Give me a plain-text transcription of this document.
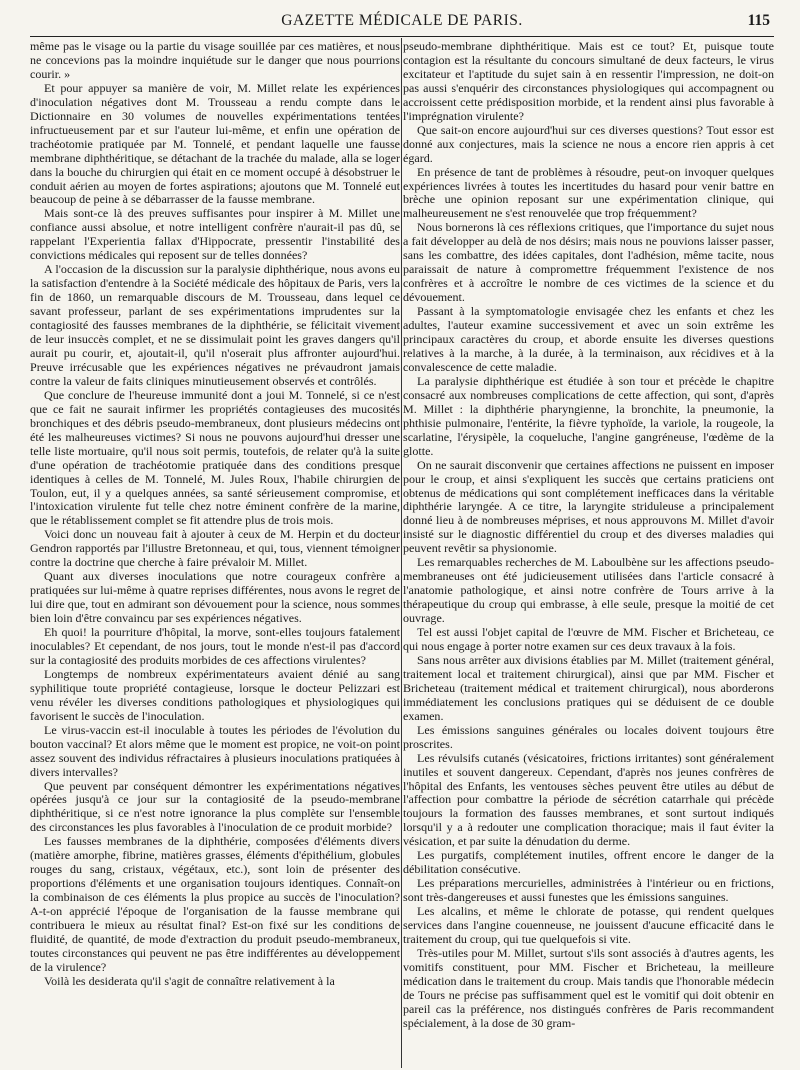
GAZETTE MÉDICALE DE PARIS.	115

même pas le visage ou la partie du visage souillée par ces matières, et nous ne concevions pas la moindre inquiétude sur le danger que nous pourrions courir. »

Et pour appuyer sa manière de voir, M. Millet relate les expériences d'inoculation négatives dont M. Trousseau a rendu compte dans le Dictionnaire en 30 volumes de nouvelles expérimentations tentées infructueusement par et sur l'auteur lui-même, et enfin une opération de trachéotomie pratiquée par M. Tonnelé, et pendant laquelle une fausse membrane diphthéritique, se détachant de la trachée du malade, alla se loger dans la bouche du chirurgien qui était en ce moment occupé à désobstruer le conduit aérien au moyen de fortes aspirations; ajoutons que M. Tonnelé eut beaucoup de peine à se débarrasser de la fausse membrane.

Mais sont-ce là des preuves suffisantes pour inspirer à M. Millet une confiance aussi absolue, et notre intelligent confrère n'aurait-il pas dû, se rappelant l'Experientia fallax d'Hippocrate, pressentir l'instabilité des convictions médicales qui reposent sur de telles données?

A l'occasion de la discussion sur la paralysie diphthérique, nous avons eu la satisfaction d'entendre à la Société médicale des hôpitaux de Paris, vers la fin de 1860, un remarquable discours de M. Trousseau, dans lequel ce savant professeur, parlant de ses expérimentations imprudentes sur la contagiosité des fausses membranes de la diphthérie, se félicitait vivement de leur insuccès complet, et ne se dissimulait point les graves dangers qu'il aurait pu courir, et, ajoutait-il, qu'il n'oserait plus affronter aujourd'hui. Preuve irrécusable que les expériences négatives ne prévaudront jamais contre la valeur de faits cliniques minutieusement observés et contrôlés.

Que conclure de l'heureuse immunité dont a joui M. Tonnelé, si ce n'est que ce fait ne saurait infirmer les propriétés contagieuses des mucosités bronchiques et des débris pseudo-membraneux, dont plusieurs médecins ont été les malheureuses victimes? Si nous ne pouvons aujourd'hui dresser une telle liste mortuaire, qu'il nous soit permis, toutefois, de relater qu'à la suite d'une opération de trachéotomie pratiquée dans des conditions presque identiques à celles de M. Tonnelé, M. Jules Roux, l'habile chirurgien de Toulon, eut, il y a quelques années, sa santé sérieusement compromise, et l'intoxication virulente fut telle chez notre éminent confrère de la marine, que le rétablissement complet se fit attendre plus de trois mois.

Voici donc un nouveau fait à ajouter à ceux de M. Herpin et du docteur Gendron rapportés par l'illustre Bretonneau, et qui, tous, viennent témoigner contre la doctrine que cherche à faire prévaloir M. Millet.

Quant aux diverses inoculations que notre courageux confrère a pratiquées sur lui-même à quatre reprises différentes, nous avons le regret de lui dire que, tout en admirant son dévouement pour la science, nous sommes bien loin d'être convaincu par ses expériences négatives.

Eh quoi! la pourriture d'hôpital, la morve, sont-elles toujours fatalement inoculables? Et cependant, de nos jours, tout le monde n'est-il pas d'accord sur la contagiosité des produits morbides de ces affections virulentes?

Longtemps de nombreux expérimentateurs avaient dénié au sang syphilitique toute propriété contagieuse, lorsque le docteur Pelizzari est venu révéler les diverses conditions pathologiques et physiologiques qui favorisent le succès de l'inoculation.

Le virus-vaccin est-il inoculable à toutes les périodes de l'évolution du bouton vaccinal? Et alors même que le moment est propice, ne voit-on point assez souvent des individus réfractaires à plusieurs inoculations pratiquées à divers intervalles?

Que peuvent par conséquent démontrer les expérimentations négatives opérées jusqu'à ce jour sur la contagiosité de la pseudo-membrane diphthéritique, si ce n'est notre ignorance la plus complète sur l'ensemble des circonstances les plus favorables à l'inoculation de ce produit morbide?

Les fausses membranes de la diphthérie, composées d'éléments divers (matière amorphe, fibrine, matières grasses, éléments d'épithélium, globules rouges du sang, cristaux, végétaux, etc.), sont loin de présenter des proportions d'éléments et une organisation toujours identiques. Connaît-on la combinaison de ces éléments la plus propice au succès de l'inoculation? A-t-on apprécié l'époque de l'organisation de la fausse membrane qui contribuera le mieux au résultat final? Est-on fixé sur les conditions de fluidité, de quantité, de mode d'extraction du produit pseudo-membraneux, toutes circonstances qui peuvent ne pas être indifférentes au développement de la virulence?

Voilà les desiderata qu'il s'agit de connaître relativement à la

pseudo-membrane diphthéritique. Mais est ce tout? Et, puisque toute contagion est la résultante du concours simultané de deux facteurs, le virus excitateur et l'aptitude du sujet sain à en ressentir l'impression, ne doit-on pas aussi s'enquérir des circonstances physiologiques qui accompagnent ou accroissent cette prédisposition morbide, et la rendent ainsi plus favorable à l'imprégnation virulente?

Que sait-on encore aujourd'hui sur ces diverses questions? Tout essor est donné aux conjectures, mais la science ne nous a encore rien appris à cet égard.

En présence de tant de problèmes à résoudre, peut-on invoquer quelques expériences livrées à toutes les incertitudes du hasard pour venir battre en brèche une opinion reposant sur une expérimentation clinique, qui malheureusement ne s'est renouvelée que trop fréquemment?

Nous bornerons là ces réflexions critiques, que l'importance du sujet nous a fait développer au delà de nos désirs; mais nous ne pouvions laisser passer, sans les combattre, des idées capitales, dont l'adhésion, même tacite, nous paraissait de nature à compromettre fréquemment l'existence de nos confrères et à accroître le nombre de ces victimes de la science et du dévouement.

Passant à la symptomatologie envisagée chez les enfants et chez les adultes, l'auteur examine successivement et avec un soin extrême les principaux caractères du croup, et aborde ensuite les diverses questions relatives à la marche, à la durée, à la terminaison, aux récidives et à la convalescence de cette maladie.

La paralysie diphthérique est étudiée à son tour et précède le chapitre consacré aux nombreuses complications de cette affection, qui sont, d'après M. Millet : la diphthérie pharyngienne, la bronchite, la pneumonie, la phthisie pulmonaire, l'entérite, la fièvre typhoïde, la variole, la rougeole, la scarlatine, l'érysipèle, la coqueluche, l'angine gangréneuse, l'œdème de la glotte.

On ne saurait disconvenir que certaines affections ne puissent en imposer pour le croup, et ainsi s'expliquent les succès que certains praticiens ont obtenus de médications qui sont complétement inefficaces dans la véritable diphthérie laryngée. A ce titre, la laryngite striduleuse a principalement donné lieu à de nombreuses méprises, et nous approuvons M. Millet d'avoir insisté sur le diagnostic différentiel du croup et des diverses maladies qui peuvent revêtir sa physionomie.

Les remarquables recherches de M. Laboulbène sur les affections pseudo-membraneuses ont été judicieusement utilisées dans l'article consacré à l'anatomie pathologique, et ainsi notre confrère de Tours arrive à la thérapeutique du croup qui embrasse, à elle seule, presque la moitié de cet ouvrage.

Tel est aussi l'objet capital de l'œuvre de MM. Fischer et Bricheteau, ce qui nous engage à porter notre examen sur ces deux travaux à la fois.

Sans nous arrêter aux divisions établies par M. Millet (traitement général, traitement local et traitement chirurgical), ainsi que par MM. Fischer et Bricheteau (traitement médical et traitement chirurgical), nous aborderons immédiatement les conclusions pratiques qui se déduisent de ce double examen.

Les émissions sanguines générales ou locales doivent toujours être proscrites.

Les révulsifs cutanés (vésicatoires, frictions irritantes) sont généralement inutiles et souvent dangereux. Cependant, d'après nos jeunes confrères de l'hôpital des Enfants, les ventouses sèches peuvent être utiles au début de l'affection pour combattre la période de sécrétion catarrhale qui précède toujours la formation des fausses membranes, et sont surtout indiqués lorsqu'il y a à redouter une complication thoracique; mais il faut éviter la vésication, et par suite la dénudation du derme.

Les purgatifs, complétement inutiles, offrent encore le danger de la débilitation consécutive.

Les préparations mercurielles, administrées à l'intérieur ou en frictions, sont très-dangereuses et aussi funestes que les émissions sanguines.

Les alcalins, et même le chlorate de potasse, qui rendent quelques services dans l'angine couenneuse, ne jouissent d'aucune efficacité dans le traitement du croup, qui tue quelquefois si vite.

Très-utiles pour M. Millet, surtout s'ils sont associés à d'autres agents, les vomitifs constituent, pour MM. Fischer et Bricheteau, la meilleure médication dans le traitement du croup. Mais tandis que l'honorable médecin de Tours ne précise pas suffisamment quel est le vomitif qui doit obtenir en pareil cas la préférence, nos distingués confrères de Paris recommandent spécialement, à la dose de 30 gram-
